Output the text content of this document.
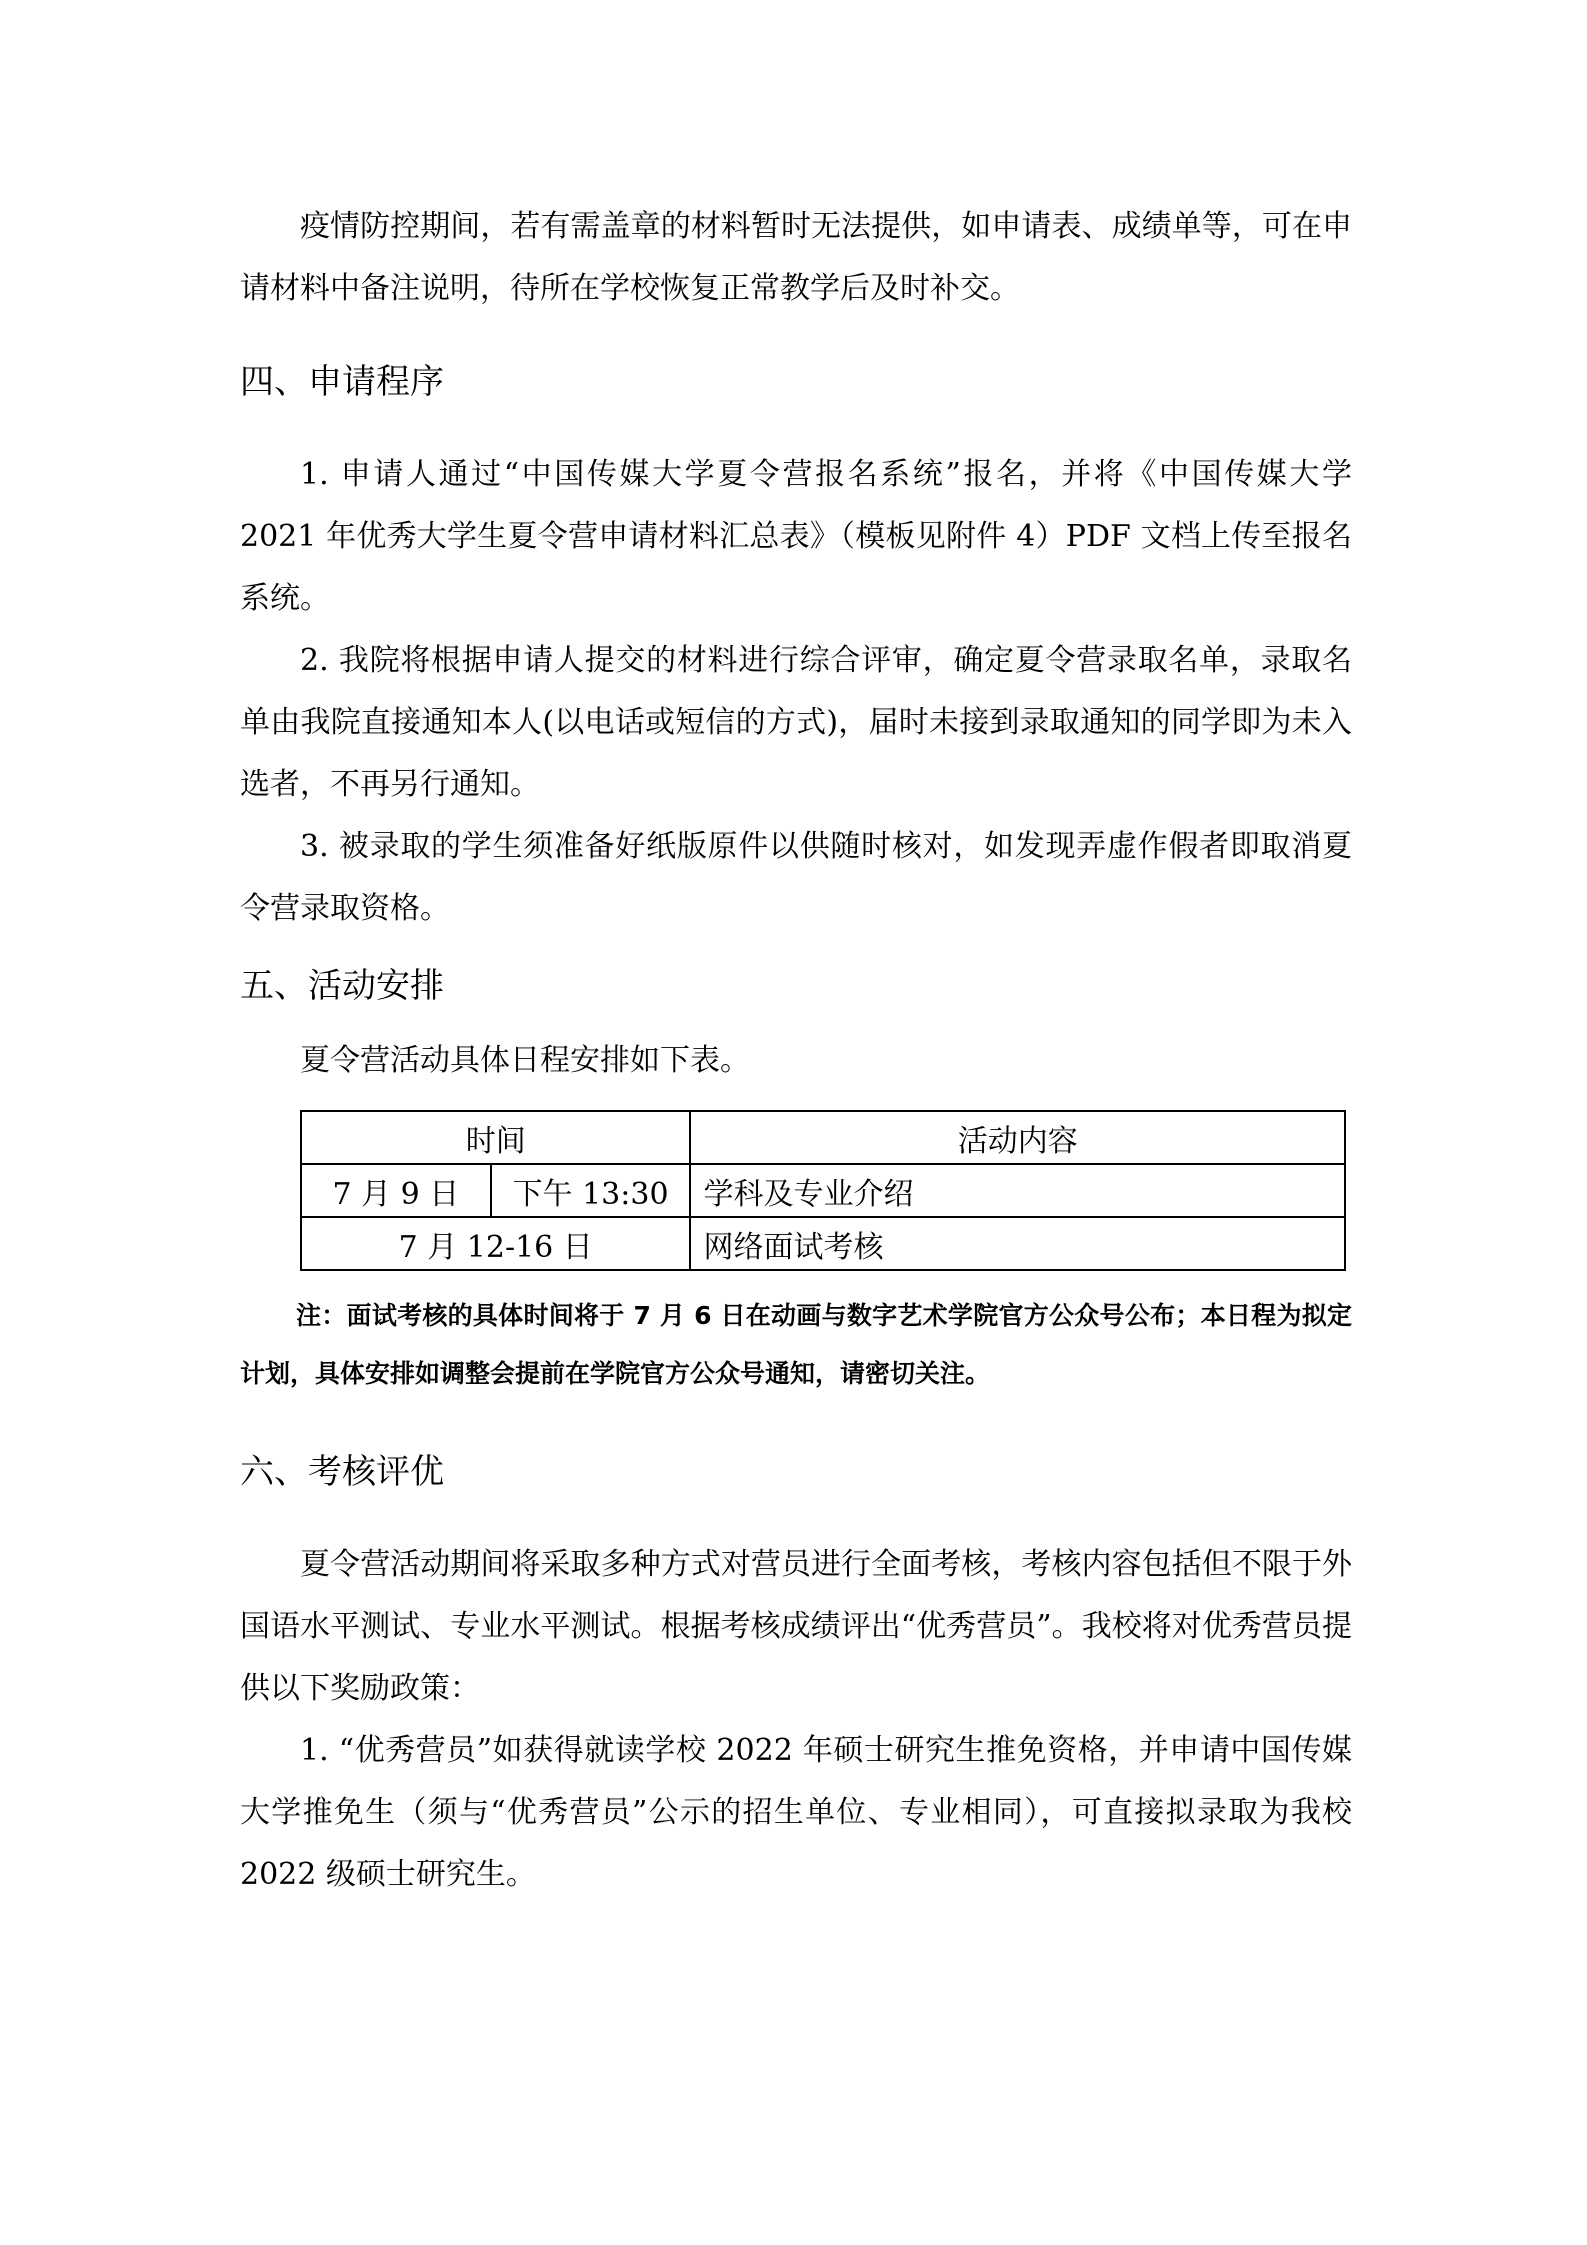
疫情防控期间，若有需盖章的材料暂时无法提供，如申请表、成绩单等，可在申请材料中备注说明，待所在学校恢复正常教学后及时补交。

四、申请程序

1. 申请人通过“中国传媒大学夏令营报名系统”报名，并将《中国传媒大学 2021 年优秀大学生夏令营申请材料汇总表》（模板见附件 4）PDF 文档上传至报名系统。

2. 我院将根据申请人提交的材料进行综合评审，确定夏令营录取名单，录取名单由我院直接通知本人(以电话或短信的方式)，届时未接到录取通知的同学即为未入选者，不再另行通知。

3. 被录取的学生须准备好纸版原件以供随时核对，如发现弄虚作假者即取消夏令营录取资格。

五、活动安排

夏令营活动具体日程安排如下表。

时间		活动内容
7 月 9 日	下午 13:30	学科及专业介绍
7 月 12-16 日		网络面试考核

注：面试考核的具体时间将于 7 月 6 日在动画与数字艺术学院官方公众号公布；本日程为拟定计划，具体安排如调整会提前在学院官方公众号通知，请密切关注。

六、考核评优

夏令营活动期间将采取多种方式对营员进行全面考核，考核内容包括但不限于外国语水平测试、专业水平测试。根据考核成绩评出“优秀营员”。我校将对优秀营员提供以下奖励政策：

1. “优秀营员”如获得就读学校 2022 年硕士研究生推免资格，并申请中国传媒大学推免生（须与“优秀营员”公示的招生单位、专业相同），可直接拟录取为我校 2022 级硕士研究生。
